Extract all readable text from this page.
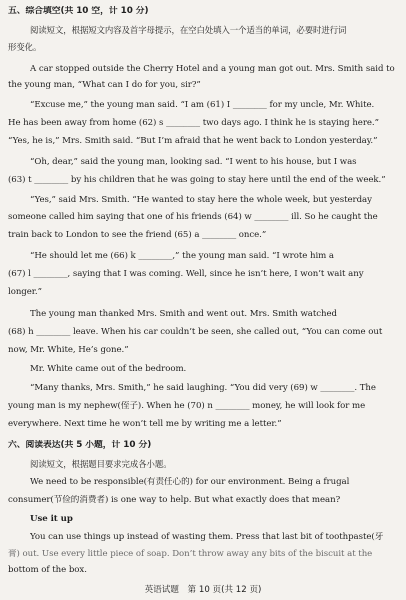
五、综合填空(共 10 空，计 10 分)
阅读短文，根据短文内容及首字母提示，在空白处填入一个适当的单词，必要时进行词
形变化。
A car stopped outside the Cherry Hotel and a young man got out. Mrs. Smith said to
the young man, “What can I do for you, sir?”
“Excuse me,” the young man said. “I am (61) I ________ for my uncle, Mr. White.
He has been away from home (62) s ________ two days ago. I think he is staying here.”
“Yes, he is,” Mrs. Smith said. “But I’m afraid that he went back to London yesterday.”
“Oh, dear,” said the young man, looking sad. “I went to his house, but I was
(63) t ________ by his children that he was going to stay here until the end of the week.”
“Yes,” said Mrs. Smith. “He wanted to stay here the whole week, but yesterday
someone called him saying that one of his friends (64) w ________ ill. So he caught the
train back to London to see the friend (65) a ________ once.”
“He should let me (66) k ________,” the young man said. “I wrote him a
(67) l ________, saying that I was coming. Well, since he isn’t here, I won’t wait any
longer.”
The young man thanked Mrs. Smith and went out. Mrs. Smith watched
(68) h ________ leave. When his car couldn’t be seen, she called out, “You can come out
now, Mr. White, He’s gone.”
Mr. White came out of the bedroom.
“Many thanks, Mrs. Smith,” he said laughing. “You did very (69) w ________. The
young man is my nephew(侄子). When he (70) n ________ money, he will look for me
everywhere. Next time he won’t tell me by writing me a letter.”
六、阅读表达(共 5 小题，计 10 分)
阅读短文，根据题目要求完成各小题。
We need to be responsible(有责任心的) for our environment. Being a frugal
consumer(节俭的消费者) is one way to help. But what exactly does that mean?
Use it up
You can use things up instead of wasting them. Press that last bit of toothpaste(牙
膏) out. Use every little piece of soap. Don’t throw away any bits of the biscuit at the
bottom of the box.
英语试题　第 10 页(共 12 页)
